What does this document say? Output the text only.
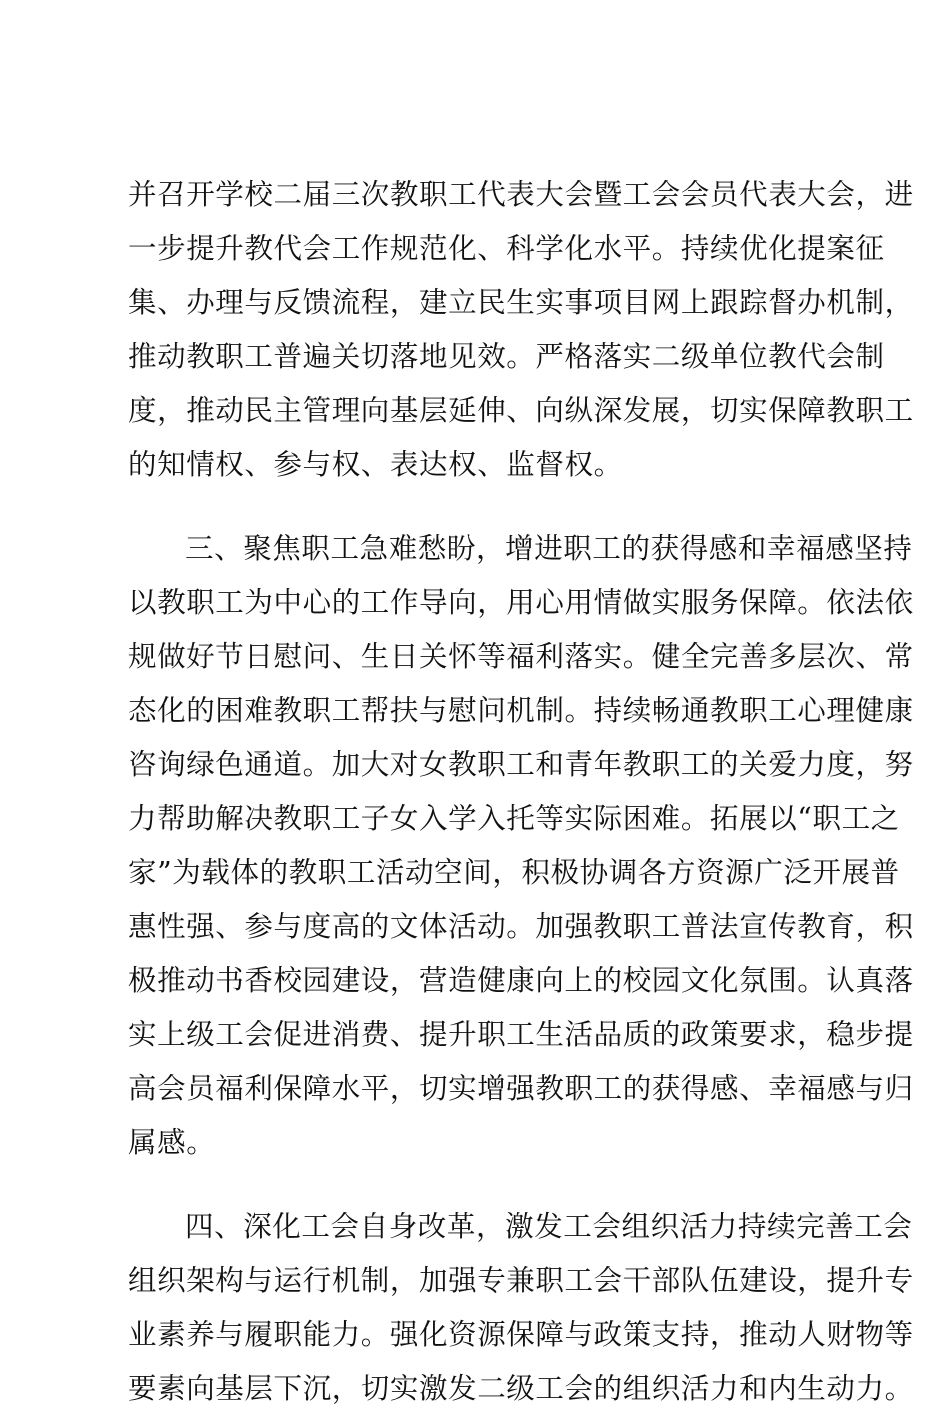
并召开学校二届三次教职工代表大会暨工会会员代表大会，进
一步提升教代会工作规范化、科学化水平。持续优化提案征
集、办理与反馈流程，建立民生实事项目网上跟踪督办机制，
推动教职工普遍关切落地见效。严格落实二级单位教代会制
度，推动民主管理向基层延伸、向纵深发展，切实保障教职工
的知情权、参与权、表达权、监督权。
三、聚焦职工急难愁盼，增进职工的获得感和幸福感坚持
以教职工为中心的工作导向，用心用情做实服务保障。依法依
规做好节日慰问、生日关怀等福利落实。健全完善多层次、常
态化的困难教职工帮扶与慰问机制。持续畅通教职工心理健康
咨询绿色通道。加大对女教职工和青年教职工的关爱力度，努
力帮助解决教职工子女入学入托等实际困难。拓展以“职工之
家”为载体的教职工活动空间，积极协调各方资源广泛开展普
惠性强、参与度高的文体活动。加强教职工普法宣传教育，积
极推动书香校园建设，营造健康向上的校园文化氛围。认真落
实上级工会促进消费、提升职工生活品质的政策要求，稳步提
高会员福利保障水平，切实增强教职工的获得感、幸福感与归
属感。
四、深化工会自身改革，激发工会组织活力持续完善工会
组织架构与运行机制，加强专兼职工会干部队伍建设，提升专
业素养与履职能力。强化资源保障与政策支持，推动人财物等
要素向基层下沉，切实激发二级工会的组织活力和内生动力。
